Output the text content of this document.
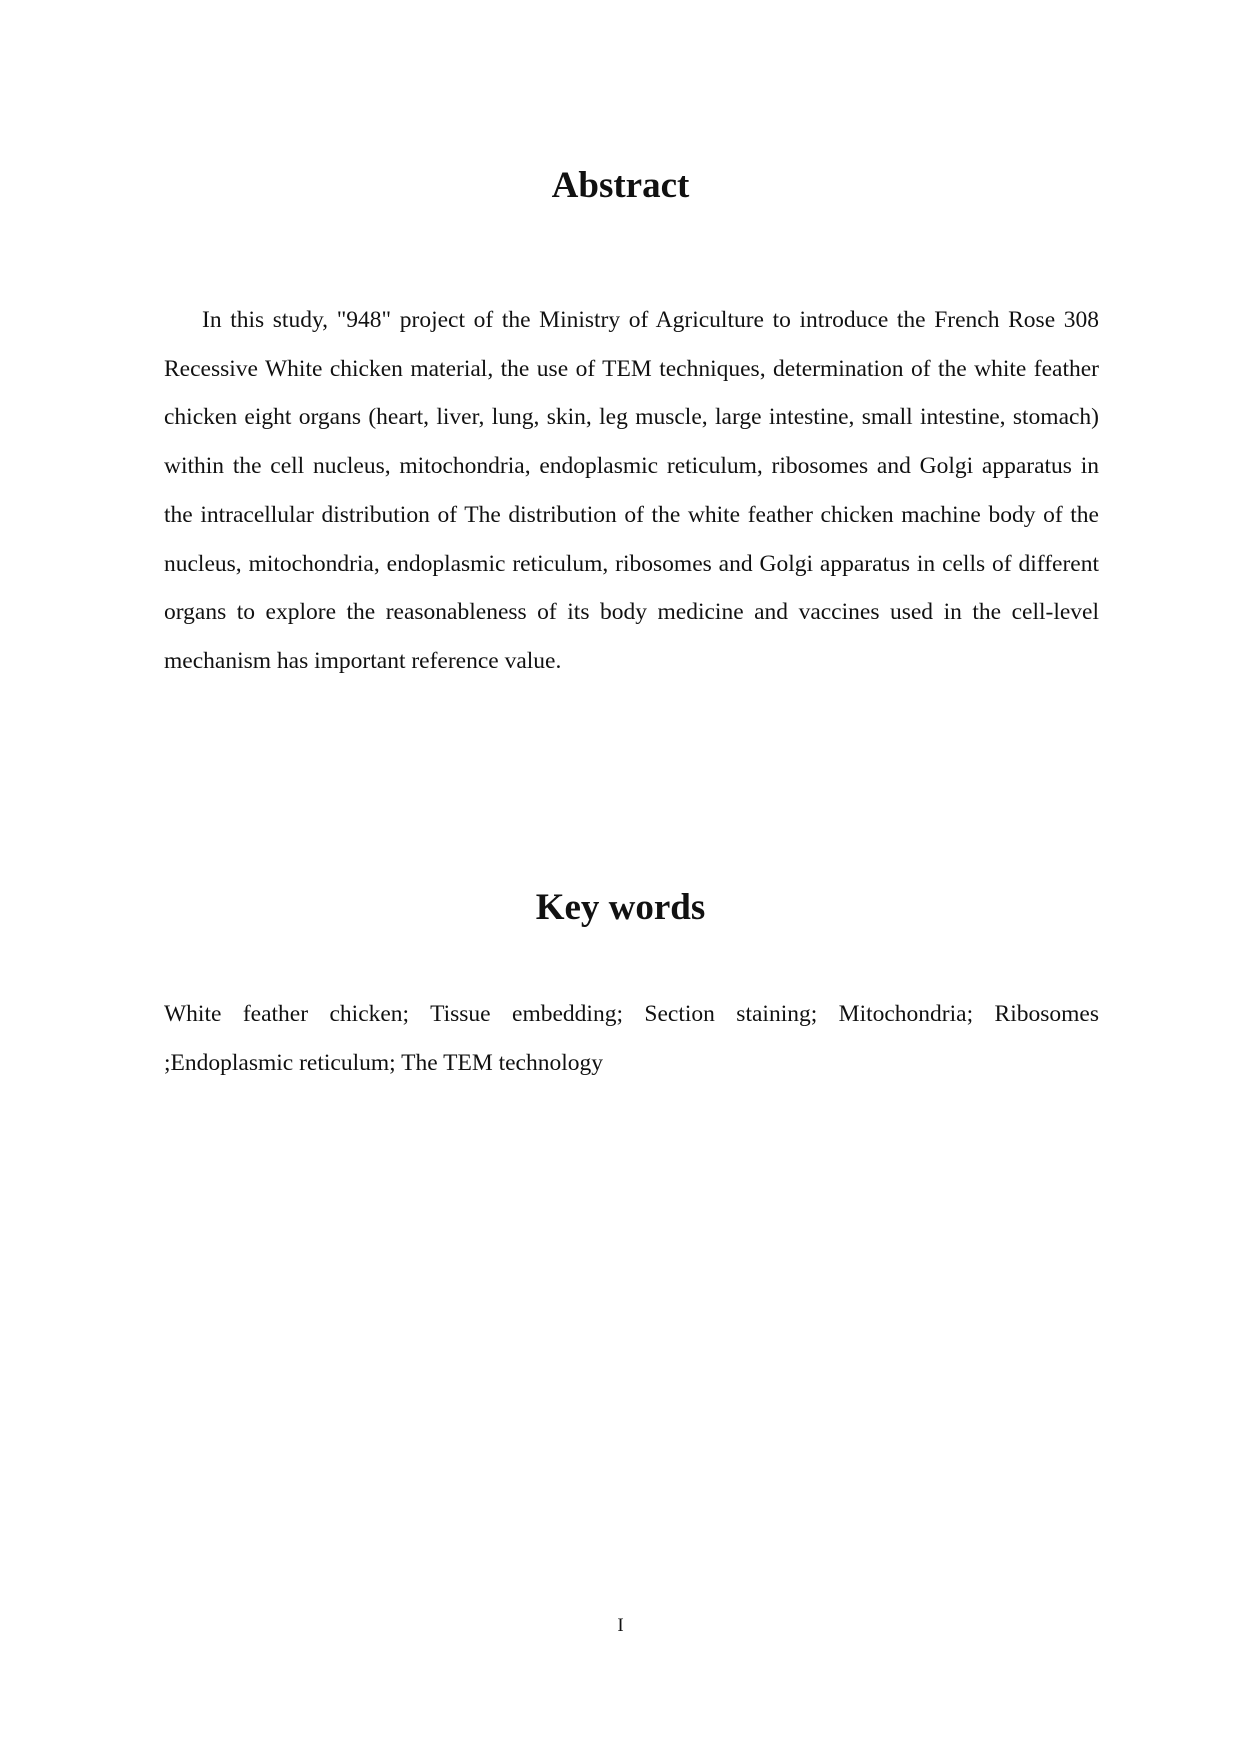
Abstract

In this study, "948" project of the Ministry of Agriculture to introduce the French Rose 308 Recessive White chicken material, the use of TEM techniques, determination of the white feather chicken eight organs (heart, liver, lung, skin, leg muscle, large intestine, small intestine, stomach) within the cell nucleus, mitochondria, endoplasmic reticulum, ribosomes and Golgi apparatus in the intracellular distribution of The distribution of the white feather chicken machine body of the nucleus, mitochondria, endoplasmic reticulum, ribosomes and Golgi apparatus in cells of different organs to explore the reasonableness of its body medicine and vaccines used in the cell-level mechanism has important reference value.

Key words

White feather chicken; Tissue embedding; Section staining; Mitochondria; Ribosomes ;Endoplasmic reticulum; The TEM technology

I
